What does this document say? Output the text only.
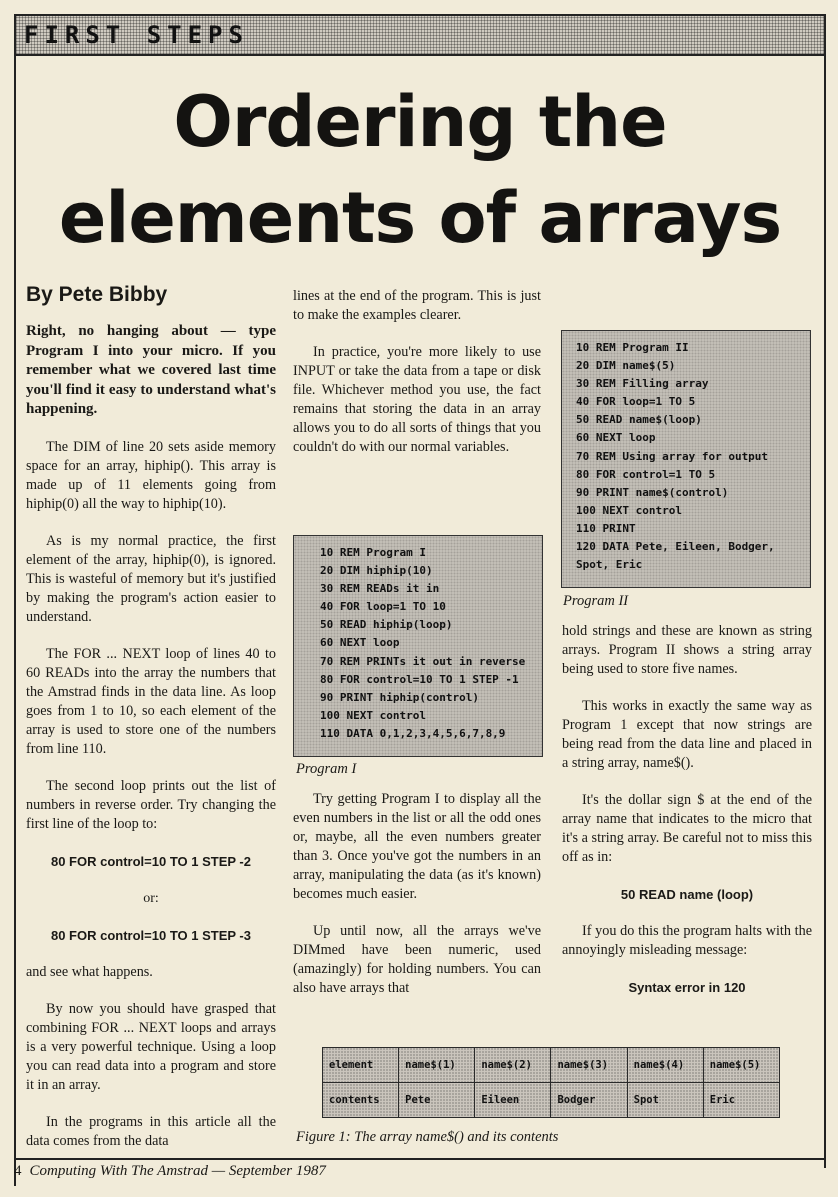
FIRST STEPS
Ordering the elements of arrays
By Pete Bibby

Right, no hanging about — type Program I into your micro. If you remember what we covered last time you'll find it easy to understand what's happening.

The DIM of line 20 sets aside memory space for an array, hiphip(). This array is made up of 11 elements going from hiphip(0) all the way to hiphip(10).

As is my normal practice, the first element of the array, hiphip(0), is ignored. This is wasteful of memory but it's justified by making the program's action easier to understand.

The FOR ... NEXT loop of lines 40 to 60 READs into the array the numbers that the Amstrad finds in the data line. As loop goes from 1 to 10, so each element of the array is used to store one of the numbers from line 110.

The second loop prints out the list of numbers in reverse order. Try changing the first line of the loop to:

80 FOR control=10 TO 1 STEP -2

or:

80 FOR control=10 TO 1 STEP -3

and see what happens.

By now you should have grasped that combining FOR ... NEXT loops and arrays is a very powerful technique. Using a loop you can read data into a program and store it in an array.

In the programs in this article all the data comes from the data

lines at the end of the program. This is just to make the examples clearer.

In practice, you're more likely to use INPUT or take the data from a tape or disk file. Whichever method you use, the fact remains that storing the data in an array allows you to do all sorts of things that you couldn't do with our normal variables.

10 REM Program I
20 DIM hiphip(10)
30 REM READs it in
40 FOR loop=1 TO 10
50 READ hiphip(loop)
60 NEXT loop
70 REM PRINTs it out in reverse
80 FOR control=10 TO 1 STEP -1
90 PRINT hiphip(control)
100 NEXT control
110 DATA 0,1,2,3,4,5,6,7,8,9
Program I

Try getting Program I to display all the even numbers in the list or all the odd ones or, maybe, all the even numbers greater than 3. Once you've got the numbers in an array, manipulating the data (as it's known) becomes much easier.

Up until now, all the arrays we've DIMmed have been numeric, used (amazingly) for holding numbers. You can also have arrays that

10 REM Program II
20 DIM name$(5)
30 REM Filling array
40 FOR loop=1 TO 5
50 READ name$(loop)
60 NEXT loop
70 REM Using array for output
80 FOR control=1 TO 5
90 PRINT name$(control)
100 NEXT control
110 PRINT
120 DATA Pete, Eileen, Bodger, Spot, Eric
Program II

hold strings and these are known as string arrays. Program II shows a string array being used to store five names.

This works in exactly the same way as Program 1 except that now strings are being read from the data line and placed in a string array, name$().

It's the dollar sign $ at the end of the array name that indicates to the micro that it's a string array. Be careful not to miss this off as in:

50 READ name (loop)

If you do this the program halts with the annoyingly misleading message:

Syntax error in 120

element	name$(1)	name$(2)	name$(3)	name$(4)	name$(5)
contents	Pete	Eileen	Bodger	Spot	Eric
Figure 1: The array name$() and its contents
4 Computing With The Amstrad — September 1987
